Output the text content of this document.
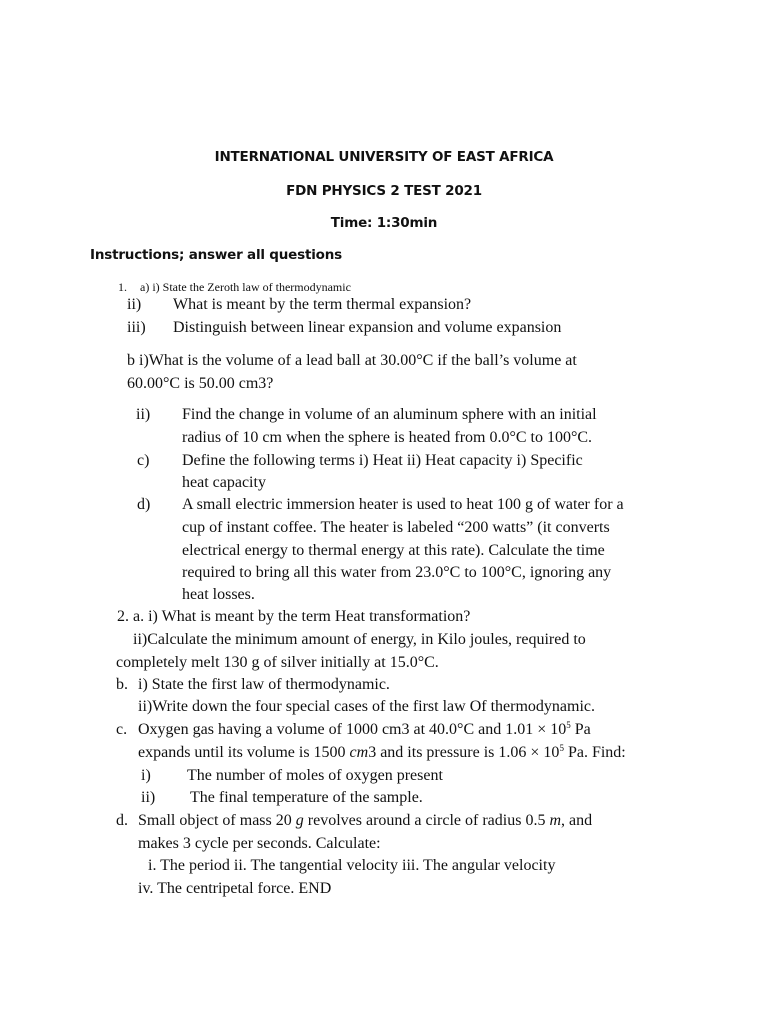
INTERNATIONAL UNIVERSITY OF EAST AFRICA
FDN PHYSICS 2 TEST 2021
Time: 1:30min
Instructions; answer all questions
1. a) i) State the Zeroth law of thermodynamic
ii) What is meant by the term thermal expansion?
iii) Distinguish between linear expansion and volume expansion
b i)What is the volume of a lead ball at 30.00°C if the ball’s volume at
60.00°C is 50.00 cm3?
ii) Find the change in volume of an aluminum sphere with an initial
radius of 10 cm when the sphere is heated from 0.0°C to 100°C.
c) Define the following terms i) Heat ii) Heat capacity i) Specific
heat capacity
d) A small electric immersion heater is used to heat 100 g of water for a
cup of instant coffee. The heater is labeled “200 watts” (it converts
electrical energy to thermal energy at this rate). Calculate the time
required to bring all this water from 23.0°C to 100°C, ignoring any
heat losses.
2. a. i) What is meant by the term Heat transformation?
ii)Calculate the minimum amount of energy, in Kilo joules, required to
completely melt 130 g of silver initially at 15.0°C.
b. i) State the first law of thermodynamic.
ii)Write down the four special cases of the first law Of thermodynamic.
c. Oxygen gas having a volume of 1000 cm3 at 40.0°C and $1.01 \times 10^5$ Pa
expands until its volume is 1500 cm3 and its pressure is $1.06 \times 10^5$ Pa. Find:
i) The number of moles of oxygen present
ii) The final temperature of the sample.
d. Small object of mass 20 g revolves around a circle of radius 0.5 m, and
makes 3 cycle per seconds. Calculate:
i. The period ii. The tangential velocity iii. The angular velocity
iv. The centripetal force. END
